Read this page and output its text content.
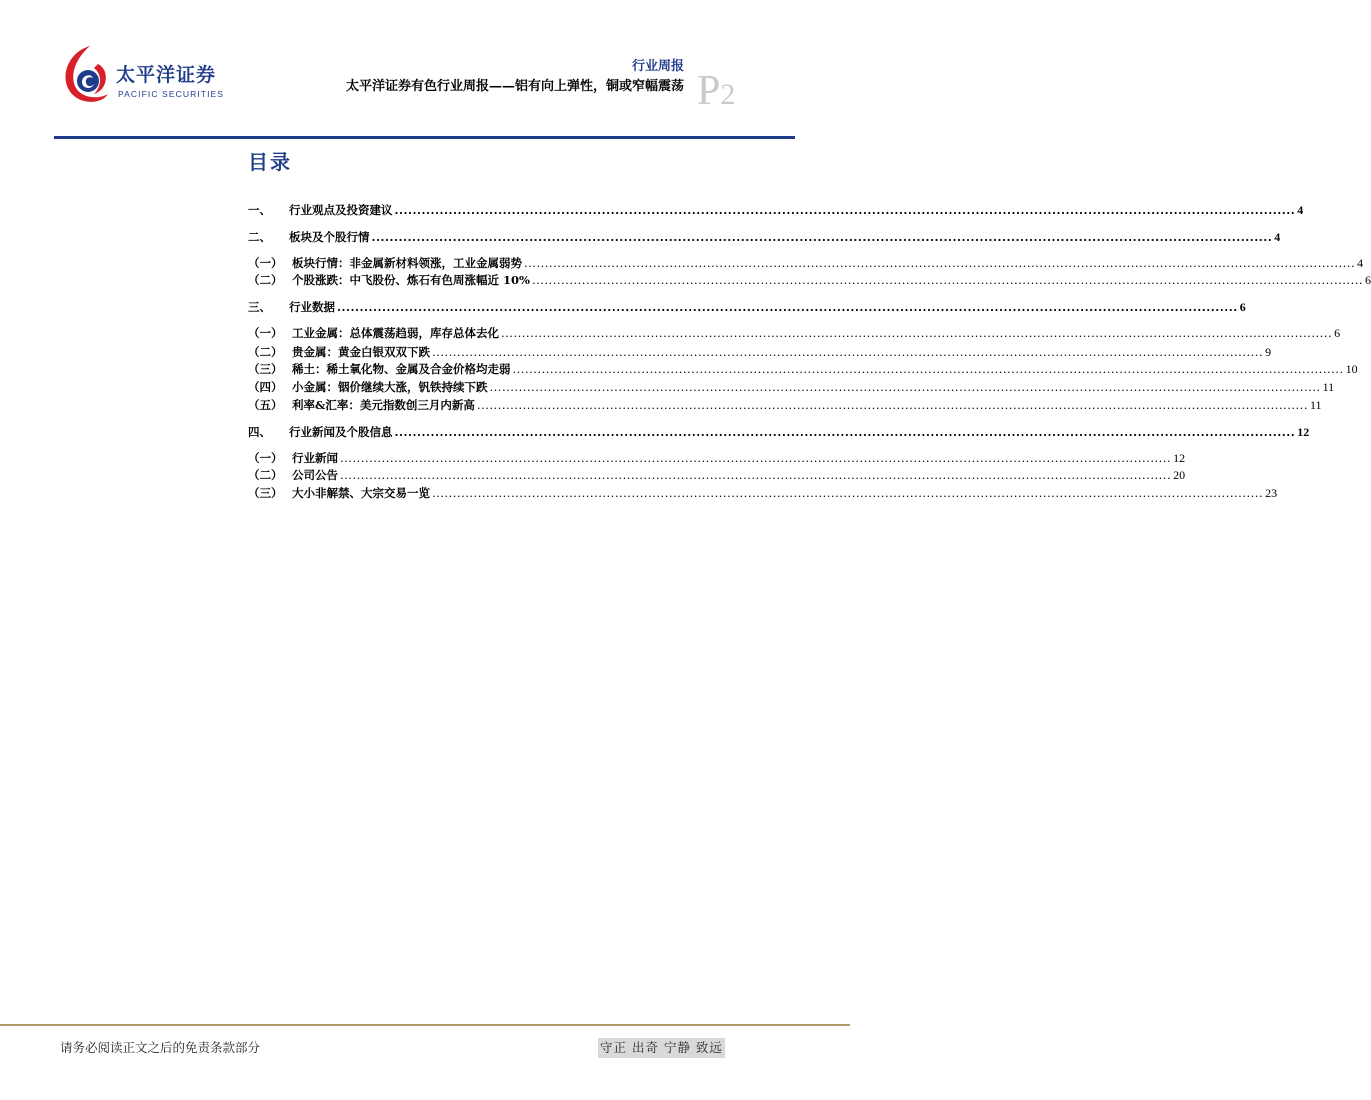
太平洋证券
PACIFIC SECURITIES
行业周报
太平洋证券有色行业周报——铝有向上弹性，铜或窄幅震荡 P2
目录
一、	行业观点及投资建议 ........................................................................................................................................................................................................ 4
二、	板块及个股行情 ........................................................................................................................................................................................................ 4
（一） 板块行情：非金属新材料领涨，工业金属弱势 ........................................................................................................................................................................................................ 4
（二） 个股涨跌：中飞股份、炼石有色周涨幅近 10% ........................................................................................................................................................................................................ 6
三、	行业数据 ........................................................................................................................................................................................................ 6
（一） 工业金属：总体震荡趋弱，库存总体去化 ........................................................................................................................................................................................................ 6
（二） 贵金属：黄金白银双双下跌 ........................................................................................................................................................................................................ 9
（三） 稀土：稀土氧化物、金属及合金价格均走弱 ........................................................................................................................................................................................................ 10
（四） 小金属：铟价继续大涨，钒铁持续下跌 ........................................................................................................................................................................................................ 11
（五） 利率&汇率：美元指数创三月内新高 ........................................................................................................................................................................................................ 11
四、	行业新闻及个股信息 ........................................................................................................................................................................................................ 12
（一） 行业新闻 ........................................................................................................................................................................................................ 12
（二） 公司公告 ........................................................................................................................................................................................................ 20
（三） 大小非解禁、大宗交易一览 ........................................................................................................................................................................................................ 23
请务必阅读正文之后的免责条款部分	守正 出奇 宁静 致远
